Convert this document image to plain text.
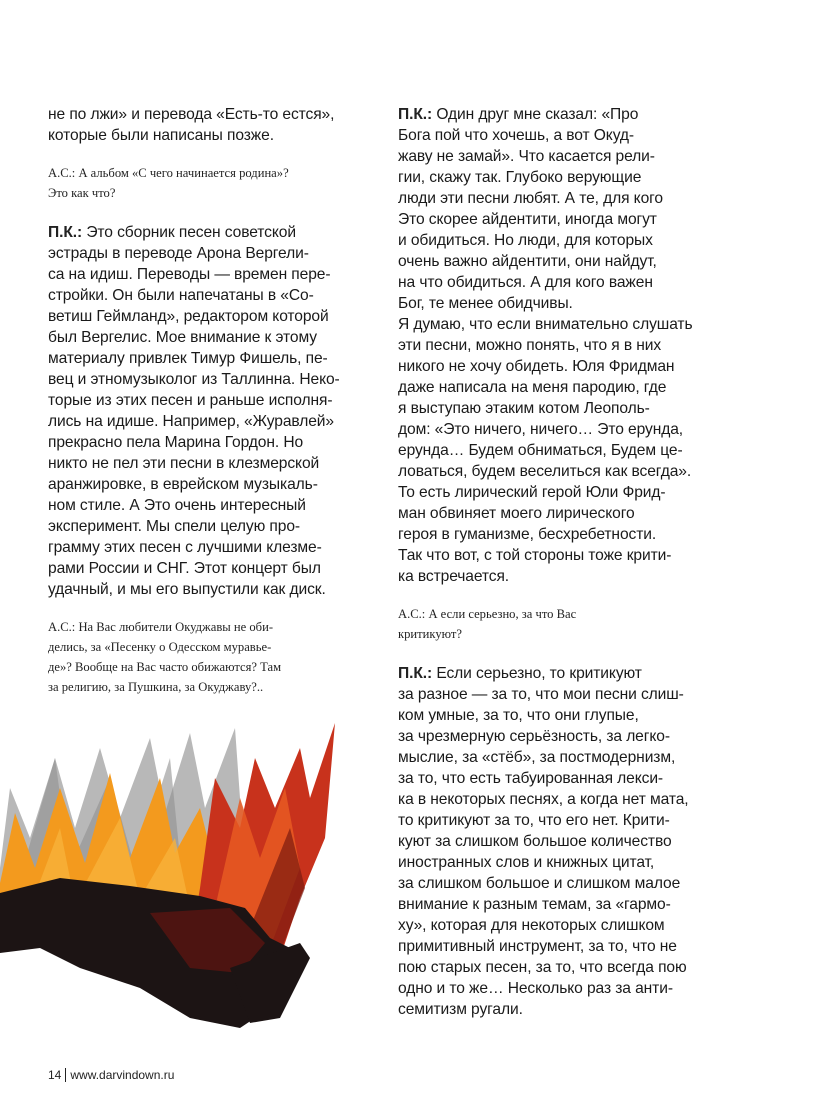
не по лжи» и перевода «Есть-то естся»,
которые были написаны позже.

А.С.: А альбом «С чего начинается родина»?
Это как что?

П.К.: Это сборник песен советской
эстрады в переводе Арона Вергели-
са на идиш. Переводы — времен пере-
стройки. Он были напечатаны в «Со-
ветиш Геймланд», редактором которой
был Вергелис. Мое внимание к этому
материалу привлек Тимур Фишель, пе-
вец и этномузыколог из Таллинна. Неко-
торые из этих песен и раньше исполня-
лись на идише. Например, «Журавлей»
прекрасно пела Марина Гордон. Но
никто не пел эти песни в клезмерской
аранжировке, в еврейском музыкаль-
ном стиле. А Это очень интересный
эксперимент. Мы спели целую про-
грамму этих песен с лучшими клезме-
рами России и СНГ. Этот концерт был
удачный, и мы его выпустили как диск.

А.С.: На Вас любители Окуджавы не оби-
делись, за «Песенку о Одесском муравье-
де»? Вообще на Вас часто обижаются? Там
за религию, за Пушкина, за Окуджаву?..

П.К.: Один друг мне сказал: «Про
Бога пой что хочешь, а вот Окуд-
жаву не замай». Что касается рели-
гии, скажу так. Глубоко верующие
люди эти песни любят. А те, для кого
Это скорее айдентити, иногда могут
и обидиться. Но люди, для которых
очень важно айдентити, они найдут,
на что обидиться. А для кого важен
Бог, те менее обидчивы.
Я думаю, что если внимательно слушать
эти песни, можно понять, что я в них
никого не хочу обидеть. Юля Фридман
даже написала на меня пародию, где
я выступаю этаким котом Леополь-
дом: «Это ничего, ничего… Это ерунда,
ерунда… Будем обниматься, Будем це-
ловаться, будем веселиться как всегда».
То есть лирический герой Юли Фрид-
ман обвиняет моего лирического
героя в гуманизме, бесхребетности.
Так что вот, с той стороны тоже крити-
ка встречается.

А.С.: А если серьезно, за что Вас
критикуют?

П.К.: Если серьезно, то критикуют
за разное — за то, что мои песни слиш-
ком умные, за то, что они глупые,
за чрезмерную серьёзность, за легко-
мыслие, за «стёб», за постмодернизм,
за то, что есть табуированная лекси-
ка в некоторых песнях, а когда нет мата,
то критикуют за то, что его нет. Крити-
куют за слишком большое количество
иностранных слов и книжных цитат,
за слишком большое и слишком малое
внимание к разным темам, за «гармо-
ху», которая для некоторых слишком
примитивный инструмент, за то, что не
пою старых песен, за то, что всегда пою
одно и то же… Несколько раз за анти-
семитизм ругали.

14 www.darvindown.ru
